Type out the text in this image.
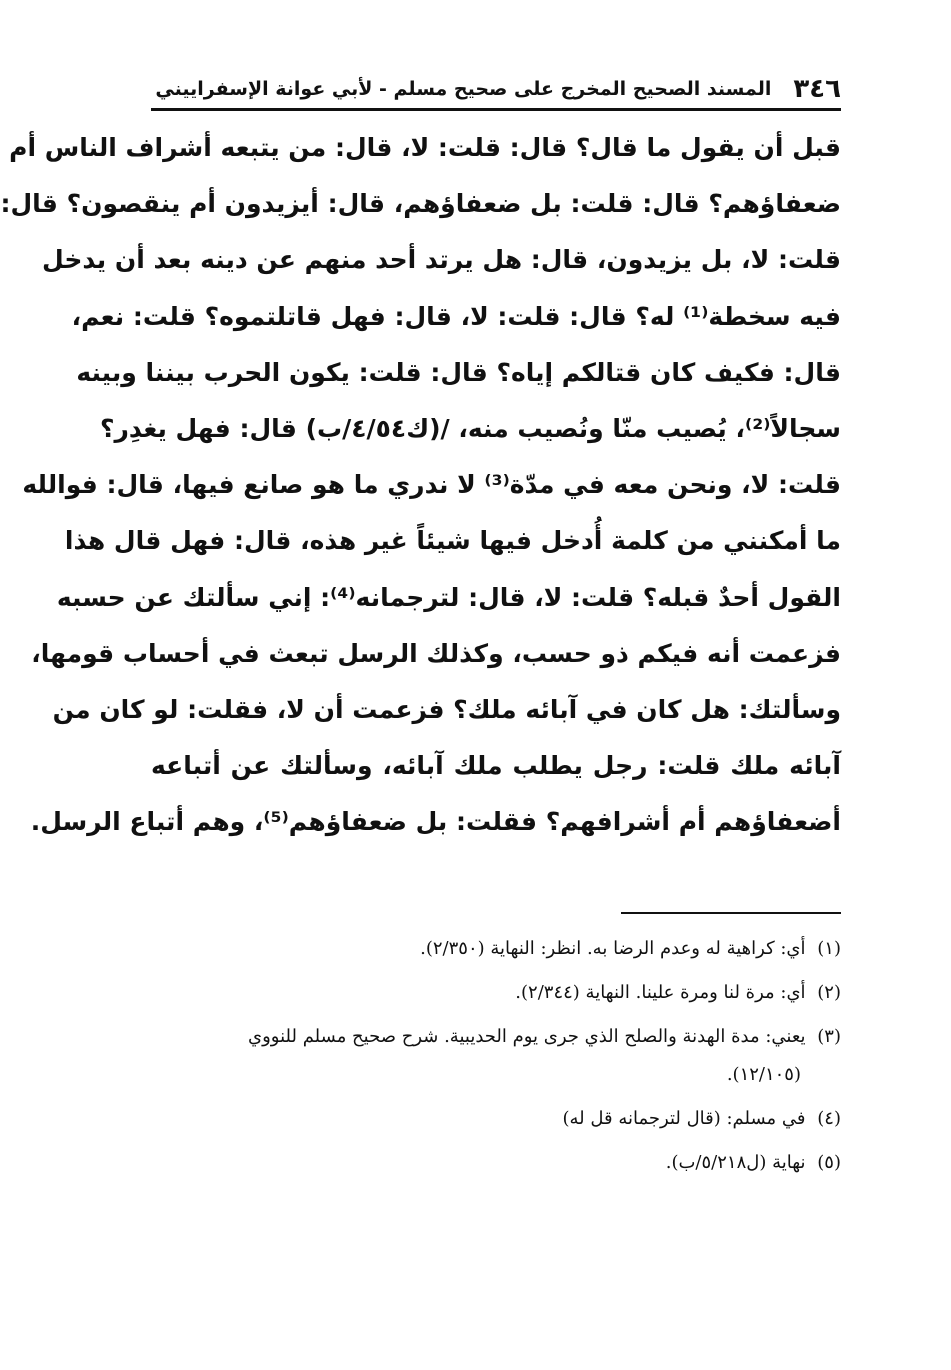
٣٤٦
المسند الصحيح المخرج على صحيح مسلم - لأبي عوانة الإسفراييني
قبل أن يقول ما قال؟ قال: قلت: لا، قال: من يتبعه أشراف الناس أم
ضعفاؤهم؟ قال: قلت: بل ضعفاؤهم، قال: أيزيدون أم ينقصون؟ قال:
قلت: لا، بل يزيدون، قال: هل يرتد أحد منهم عن دينه بعد أن يدخل
فيه سخطة⁽¹⁾ له؟ قال: قلت: لا، قال: فهل قاتلتموه؟ قلت: نعم،
قال: فكيف كان قتالكم إياه؟ قال: قلت: يكون الحرب بيننا وبينه
سجالاً⁽²⁾، يُصيب منّا ونُصيب منه، /(ك٤/٥٤/ب) قال: فهل يغدِر؟
قلت: لا، ونحن معه في مدّة⁽³⁾ لا ندري ما هو صانع فيها، قال: فوالله
ما أمكنني من كلمة أُدخل فيها شيئاً غير هذه، قال: فهل قال هذا
القول أحدٌ قبله؟ قلت: لا، قال: لترجمانه⁽⁴⁾: إني سألتك عن حسبه
فزعمت أنه فيكم ذو حسب، وكذلك الرسل تبعث في أحساب قومها،
وسألتك: هل كان في آبائه ملك؟ فزعمت أن لا، فقلت: لو كان من
آبائه ملك قلت: رجل يطلب ملك آبائه، وسألتك عن أتباعه
أضعفاؤهم أم أشرافهم؟ فقلت: بل ضعفاؤهم⁽⁵⁾، وهم أتباع الرسل.
(١) أي: كراهية له وعدم الرضا به. انظر: النهاية (٢/٣٥٠).
(٢) أي: مرة لنا ومرة علينا. النهاية (٢/٣٤٤).
(٣) يعني: مدة الهدنة والصلح الذي جرى يوم الحديبية. شرح صحيح مسلم للنووي
(١٢/١٠٥).
(٤) في مسلم: (قال لترجمانه قل له)
(٥) نهاية (ل٥/٢١٨/ب).
